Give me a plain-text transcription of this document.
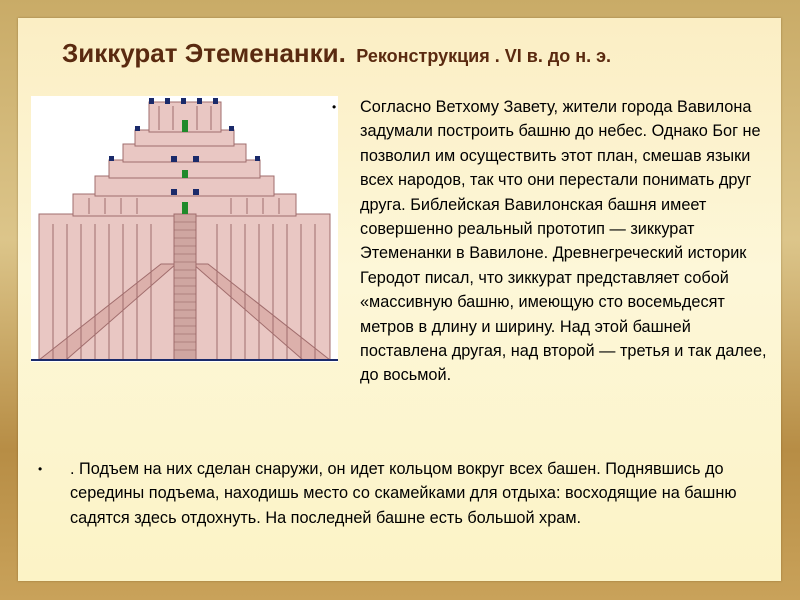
Зиккурат Этеменанки. Реконструкция . VI в. до н. э.
•	Согласно Ветхому Завету, жители города Вавилона задумали построить башню до небес. Однако Бог не позволил им осуществить этот план, смешав языки всех народов, так что они перестали понимать друг друга. Библейская Вавилонская башня имеет совершенно реальный прототип — зиккурат Этеменанки в Вавилоне. Древнегреческий историк Геродот писал, что зиккурат представляет собой «массивную башню, имеющую сто восемьдесят метров в длину и ширину. Над этой башней поставлена другая, над второй — третья и так далее, до восьмой.
•	. Подъем на них сделан снаружи, он идет кольцом вокруг всех башен. Поднявшись до середины подъема, находишь место со скамейками для отдыха: восходящие на башню садятся здесь отдохнуть. На последней башне есть большой храм.
